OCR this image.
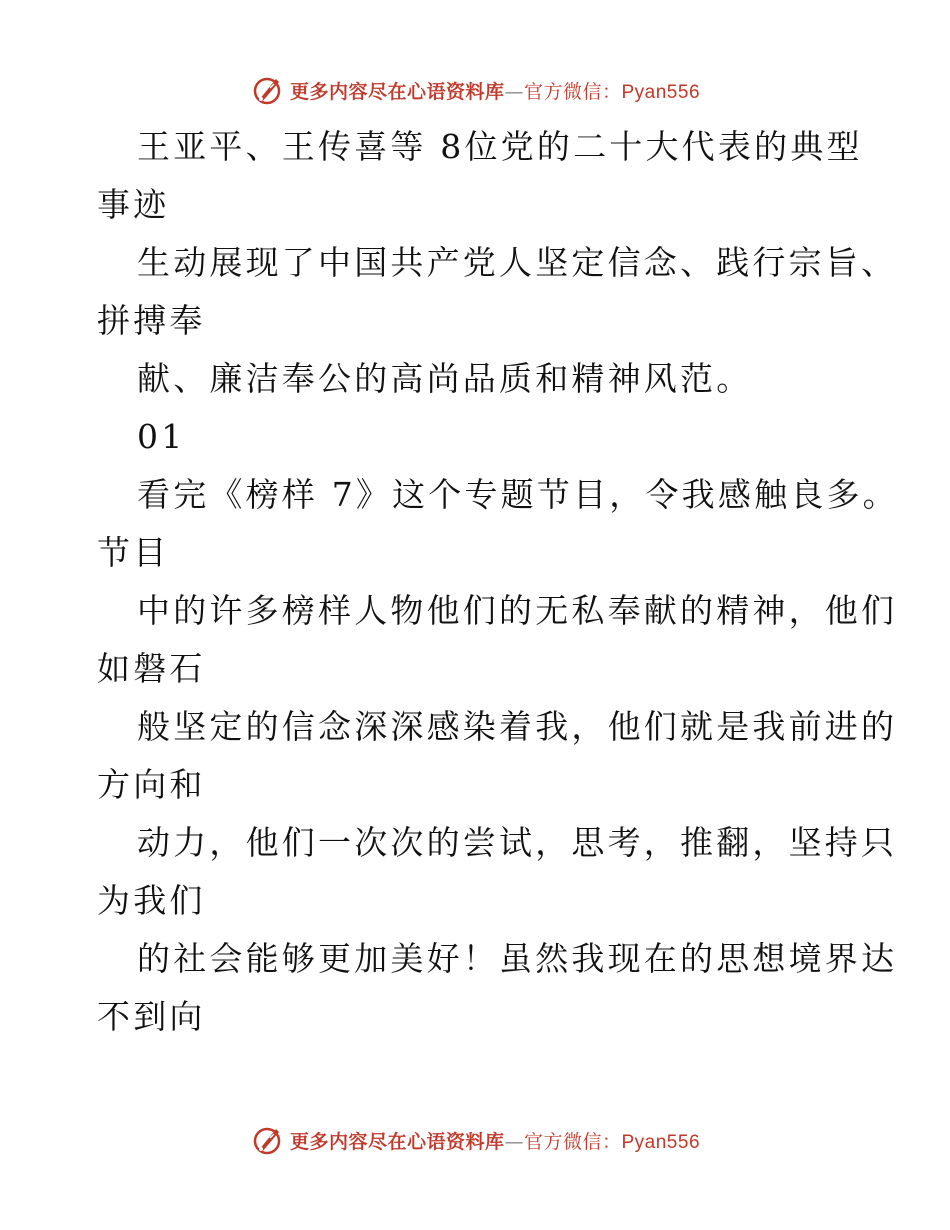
更多内容尽在心语资料库—官方微信：Pyan556
王亚平、王传喜等 8位党的二十大代表的典型
事迹
生动展现了中国共产党人坚定信念、践行宗旨、
拼搏奉
献、廉洁奉公的高尚品质和精神风范。
01
看完《榜样 7》这个专题节目，令我感触良多。
节目
中的许多榜样人物他们的无私奉献的精神，他们
如磐石
般坚定的信念深深感染着我，他们就是我前进的
方向和
动力，他们一次次的尝试，思考，推翻，坚持只
为我们
的社会能够更加美好！虽然我现在的思想境界达
不到向
更多内容尽在心语资料库—官方微信：Pyan556
